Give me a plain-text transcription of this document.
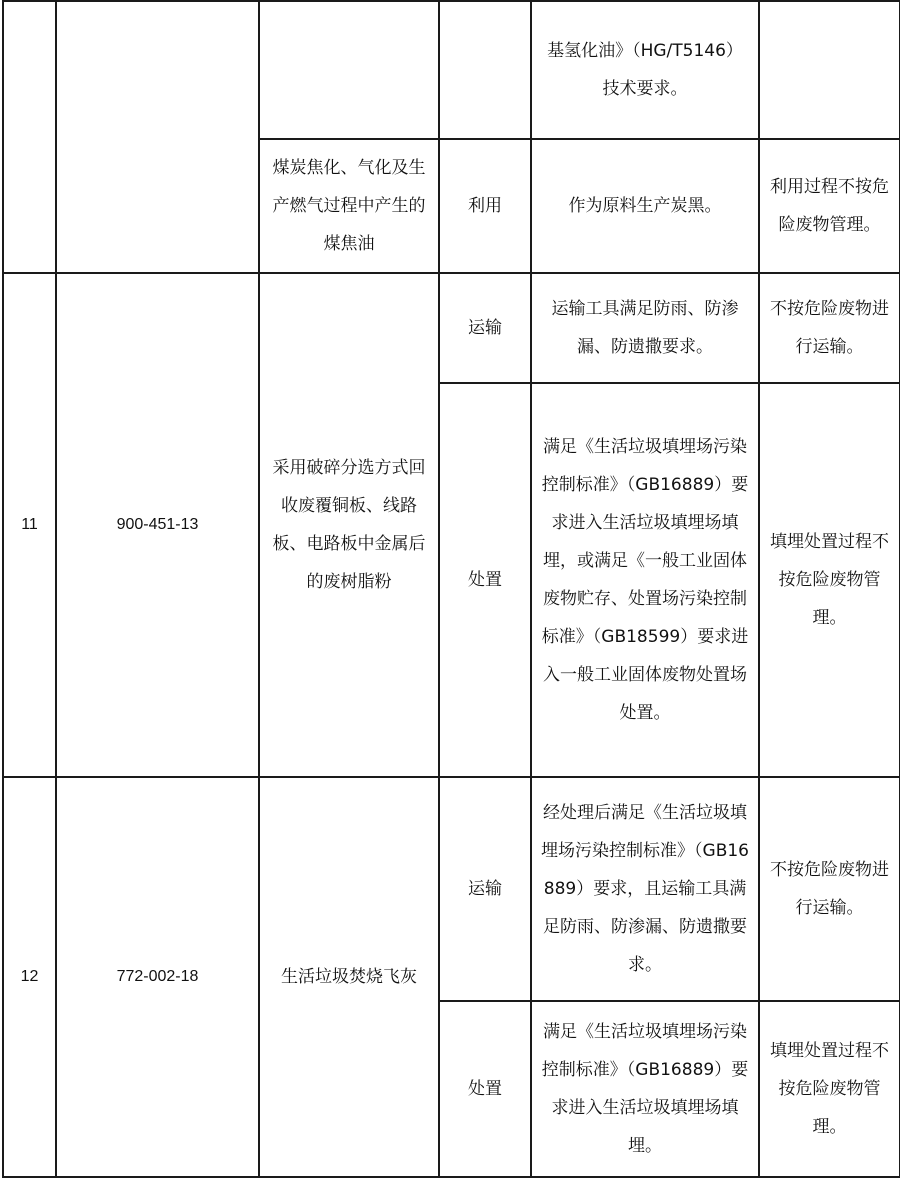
				基氢化油》（HG/T5146）技术要求。	
		煤炭焦化、气化及生产燃气过程中产生的煤焦油	利用	作为原料生产炭黑。	利用过程不按危险废物管理。
11	900-451-13	采用破碎分选方式回收废覆铜板、线路板、电路板中金属后的废树脂粉	运输	运输工具满足防雨、防渗漏、防遗撒要求。	不按危险废物进行运输。
			处置	满足《生活垃圾填埋场污染控制标准》（GB16889）要求进入生活垃圾填埋场填埋，或满足《一般工业固体废物贮存、处置场污染控制标准》（GB18599）要求进入一般工业固体废物处置场处置。	填埋处置过程不按危险废物管理。
12	772-002-18	生活垃圾焚烧飞灰	运输	经处理后满足《生活垃圾填埋场污染控制标准》（GB16889）要求，且运输工具满足防雨、防渗漏、防遗撒要求。	不按危险废物进行运输。
			处置	满足《生活垃圾填埋场污染控制标准》（GB16889）要求进入生活垃圾填埋场填埋。	填埋处置过程不按危险废物管理。
